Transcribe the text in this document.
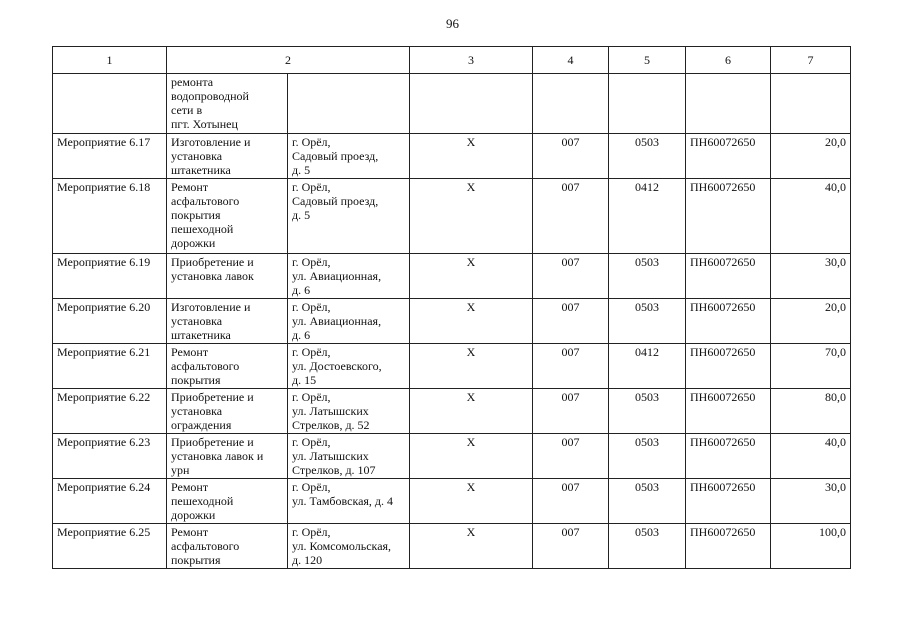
96
1	2		3	4	5	6	7
	ремонта
водопроводной
сети в
пгт. Хотынец						
Мероприятие 6.17	Изготовление и
установка
штакетника	г. Орёл,
Садовый проезд,
д. 5	Х	007	0503	ПН60072650	20,0
Мероприятие 6.18	Ремонт
асфальтового
покрытия
пешеходной
дорожки	г. Орёл,
Садовый проезд,
д. 5	Х	007	0412	ПН60072650	40,0
Мероприятие 6.19	Приобретение и
установка лавок	г. Орёл,
ул. Авиационная,
д. 6	Х	007	0503	ПН60072650	30,0
Мероприятие 6.20	Изготовление и
установка
штакетника	г. Орёл,
ул. Авиационная,
д. 6	Х	007	0503	ПН60072650	20,0
Мероприятие 6.21	Ремонт
асфальтового
покрытия	г. Орёл,
ул. Достоевского,
д. 15	Х	007	0412	ПН60072650	70,0
Мероприятие 6.22	Приобретение и
установка
ограждения	г. Орёл,
ул. Латышских
Стрелков, д. 52	Х	007	0503	ПН60072650	80,0
Мероприятие 6.23	Приобретение и
установка лавок и
урн	г. Орёл,
ул. Латышских
Стрелков, д. 107	Х	007	0503	ПН60072650	40,0
Мероприятие 6.24	Ремонт
пешеходной
дорожки	г. Орёл,
ул. Тамбовская, д. 4	Х	007	0503	ПН60072650	30,0
Мероприятие 6.25	Ремонт
асфальтового
покрытия	г. Орёл,
ул. Комсомольская,
д. 120	Х	007	0503	ПН60072650	100,0
